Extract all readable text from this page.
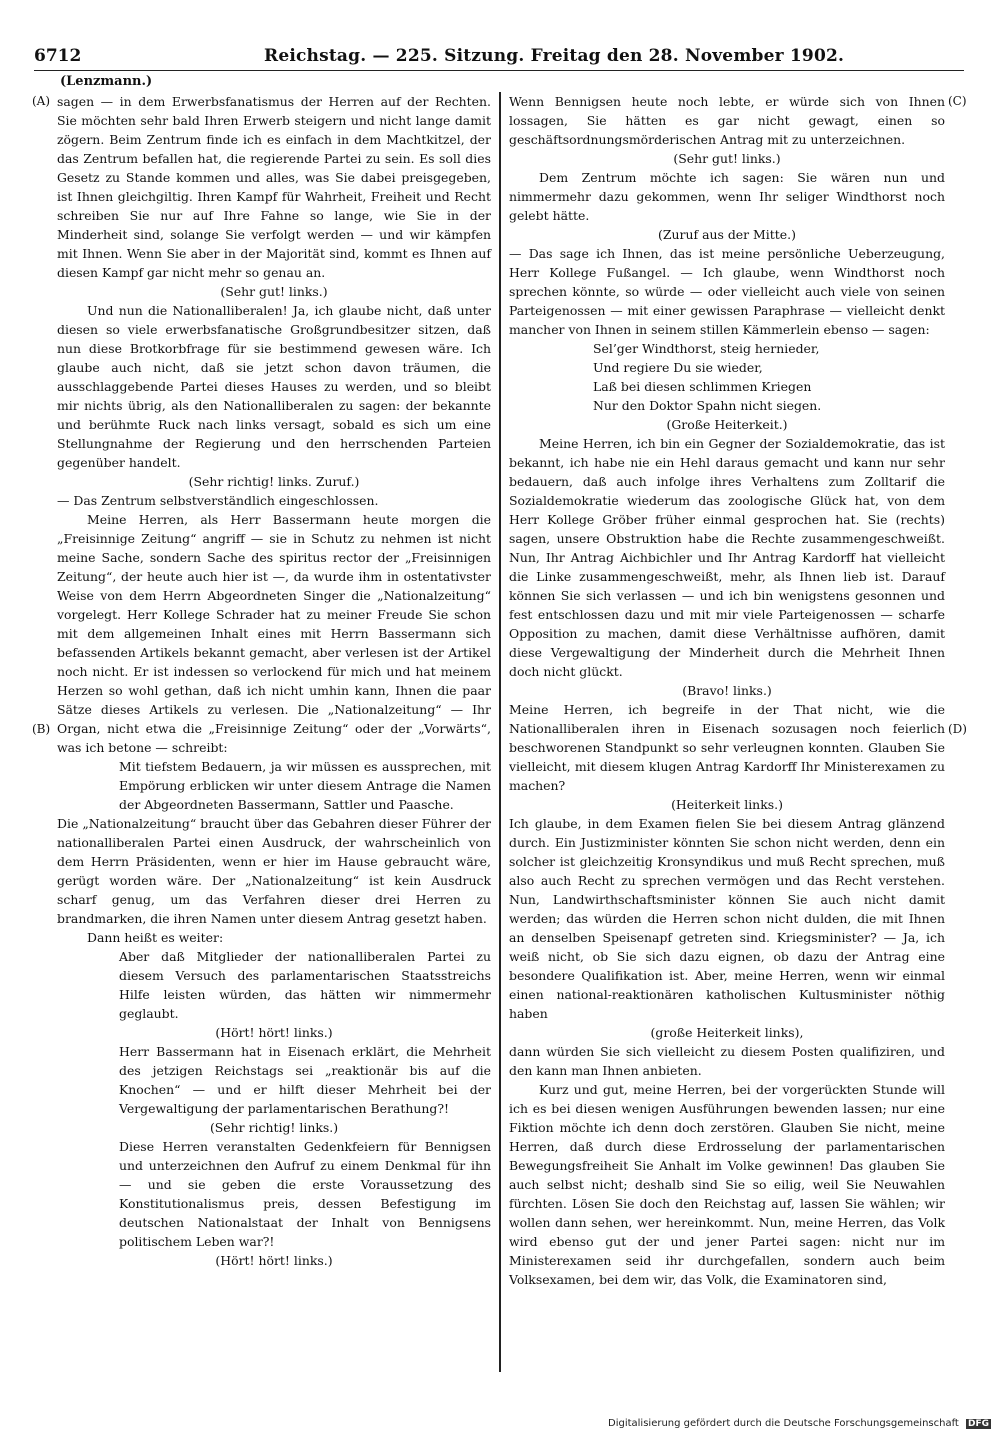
6712	Reichstag. — 225. Sitzung. Freitag den 28. November 1902.
(Lenzmann.)
(A)
(B)
(C)
(D)

sagen — in dem Erwerbsfanatismus der Herren auf der Rechten. Sie möchten sehr bald Ihren Erwerb steigern und nicht lange damit zögern. Beim Zentrum finde ich es einfach in dem Machtkitzel, der das Zentrum befallen hat, die regierende Partei zu sein. Es soll dies Gesetz zu Stande kommen und alles, was Sie dabei preisgegeben, ist Ihnen gleichgiltig. Ihren Kampf für Wahrheit, Freiheit und Recht schreiben Sie nur auf Ihre Fahne so lange, wie Sie in der Minderheit sind, solange Sie verfolgt werden — und wir kämpfen mit Ihnen. Wenn Sie aber in der Majorität sind, kommt es Ihnen auf diesen Kampf gar nicht mehr so genau an.

(Sehr gut! links.)

Und nun die Nationalliberalen! Ja, ich glaube nicht, daß unter diesen so viele erwerbsfanatische Großgrundbesitzer sitzen, daß nun diese Brotkorbfrage für sie bestimmend gewesen wäre. Ich glaube auch nicht, daß sie jetzt schon davon träumen, die ausschlaggebende Partei dieses Hauses zu werden, und so bleibt mir nichts übrig, als den Nationalliberalen zu sagen: der bekannte und berühmte Ruck nach links versagt, sobald es sich um eine Stellungnahme der Regierung und den herrschenden Parteien gegenüber handelt.

(Sehr richtig! links. Zuruf.)

— Das Zentrum selbstverständlich eingeschlossen.

Meine Herren, als Herr Bassermann heute morgen die „Freisinnige Zeitung“ angriff — sie in Schutz zu nehmen ist nicht meine Sache, sondern Sache des spiritus rector der „Freisinnigen Zeitung“, der heute auch hier ist —, da wurde ihm in ostentativster Weise von dem Herrn Abgeordneten Singer die „Nationalzeitung“ vorgelegt. Herr Kollege Schrader hat zu meiner Freude Sie schon mit dem allgemeinen Inhalt eines mit Herrn Bassermann sich befassenden Artikels bekannt gemacht, aber verlesen ist der Artikel noch nicht. Er ist indessen so verlockend für mich und hat meinem Herzen so wohl gethan, daß ich nicht umhin kann, Ihnen die paar Sätze dieses Artikels zu verlesen. Die „Nationalzeitung“ — Ihr Organ, nicht etwa die „Freisinnige Zeitung“ oder der „Vorwärts“, was ich betone — schreibt:

Mit tiefstem Bedauern, ja wir müssen es aussprechen, mit Empörung erblicken wir unter diesem Antrage die Namen der Abgeordneten Bassermann, Sattler und Paasche.

Die „Nationalzeitung“ braucht über das Gebahren dieser Führer der nationalliberalen Partei einen Ausdruck, der wahrscheinlich von dem Herrn Präsidenten, wenn er hier im Hause gebraucht wäre, gerügt worden wäre. Der „Nationalzeitung“ ist kein Ausdruck scharf genug, um das Verfahren dieser drei Herren zu brandmarken, die ihren Namen unter diesem Antrag gesetzt haben.

Dann heißt es weiter:

Aber daß Mitglieder der nationalliberalen Partei zu diesem Versuch des parlamentarischen Staatsstreichs Hilfe leisten würden, das hätten wir nimmermehr geglaubt.

(Hört! hört! links.)

Herr Bassermann hat in Eisenach erklärt, die Mehrheit des jetzigen Reichstags sei „reaktionär bis auf die Knochen“ — und er hilft dieser Mehrheit bei der Vergewaltigung der parlamentarischen Berathung?!

(Sehr richtig! links.)

Diese Herren veranstalten Gedenkfeiern für Bennigsen und unterzeichnen den Aufruf zu einem Denkmal für ihn — und sie geben die erste Voraussetzung des Konstitutionalismus preis, dessen Befestigung im deutschen Nationalstaat der Inhalt von Bennigsens politischem Leben war?!

(Hört! hört! links.)

Wenn Bennigsen heute noch lebte, er würde sich von Ihnen lossagen, Sie hätten es gar nicht gewagt, einen so geschäftsordnungsmörderischen Antrag mit zu unterzeichnen.

(Sehr gut! links.)

Dem Zentrum möchte ich sagen: Sie wären nun und nimmermehr dazu gekommen, wenn Ihr seliger Windthorst noch gelebt hätte.

(Zuruf aus der Mitte.)

— Das sage ich Ihnen, das ist meine persönliche Ueberzeugung, Herr Kollege Fußangel. — Ich glaube, wenn Windthorst noch sprechen könnte, so würde — oder vielleicht auch viele von seinen Parteigenossen — mit einer gewissen Paraphrase — vielleicht denkt mancher von Ihnen in seinem stillen Kämmerlein ebenso — sagen:

Sel’ger Windthorst, steig hernieder,

Und regiere Du sie wieder,

Laß bei diesen schlimmen Kriegen

Nur den Doktor Spahn nicht siegen.

(Große Heiterkeit.)

Meine Herren, ich bin ein Gegner der Sozialdemokratie, das ist bekannt, ich habe nie ein Hehl daraus gemacht und kann nur sehr bedauern, daß auch infolge ihres Verhaltens zum Zolltarif die Sozialdemokratie wiederum das zoologische Glück hat, von dem Herr Kollege Gröber früher einmal gesprochen hat. Sie (rechts) sagen, unsere Obstruktion habe die Rechte zusammengeschweißt. Nun, Ihr Antrag Aichbichler und Ihr Antrag Kardorff hat vielleicht die Linke zusammengeschweißt, mehr, als Ihnen lieb ist. Darauf können Sie sich verlassen — und ich bin wenigstens gesonnen und fest entschlossen dazu und mit mir viele Parteigenossen — scharfe Opposition zu machen, damit diese Verhältnisse aufhören, damit diese Vergewaltigung der Minderheit durch die Mehrheit Ihnen doch nicht glückt.

(Bravo! links.)

Meine Herren, ich begreife in der That nicht, wie die Nationalliberalen ihren in Eisenach sozusagen noch feierlich beschworenen Standpunkt so sehr verleugnen konnten. Glauben Sie vielleicht, mit diesem klugen Antrag Kardorff Ihr Ministerexamen zu machen?

(Heiterkeit links.)

Ich glaube, in dem Examen fielen Sie bei diesem Antrag glänzend durch. Ein Justizminister könnten Sie schon nicht werden, denn ein solcher ist gleichzeitig Kronsyndikus und muß Recht sprechen, muß also auch Recht zu sprechen vermögen und das Recht verstehen. Nun, Landwirthschaftsminister können Sie auch nicht damit werden; das würden die Herren schon nicht dulden, die mit Ihnen an denselben Speisenapf getreten sind. Kriegsminister? — Ja, ich weiß nicht, ob Sie sich dazu eignen, ob dazu der Antrag eine besondere Qualifikation ist. Aber, meine Herren, wenn wir einmal einen national-reaktionären katholischen Kultusminister nöthig haben

(große Heiterkeit links),

dann würden Sie sich vielleicht zu diesem Posten qualifiziren, und den kann man Ihnen anbieten.

Kurz und gut, meine Herren, bei der vorgerückten Stunde will ich es bei diesen wenigen Ausführungen bewenden lassen; nur eine Fiktion möchte ich denn doch zerstören. Glauben Sie nicht, meine Herren, daß durch diese Erdrosselung der parlamentarischen Bewegungsfreiheit Sie Anhalt im Volke gewinnen! Das glauben Sie auch selbst nicht; deshalb sind Sie so eilig, weil Sie Neuwahlen fürchten. Lösen Sie doch den Reichstag auf, lassen Sie wählen; wir wollen dann sehen, wer hereinkommt. Nun, meine Herren, das Volk wird ebenso gut der und jener Partei sagen: nicht nur im Ministerexamen seid ihr durchgefallen, sondern auch beim Volksexamen, bei dem wir, das Volk, die Examinatoren sind,

Digitalisierung gefördert durch die Deutsche Forschungsgemeinschaft DFG
